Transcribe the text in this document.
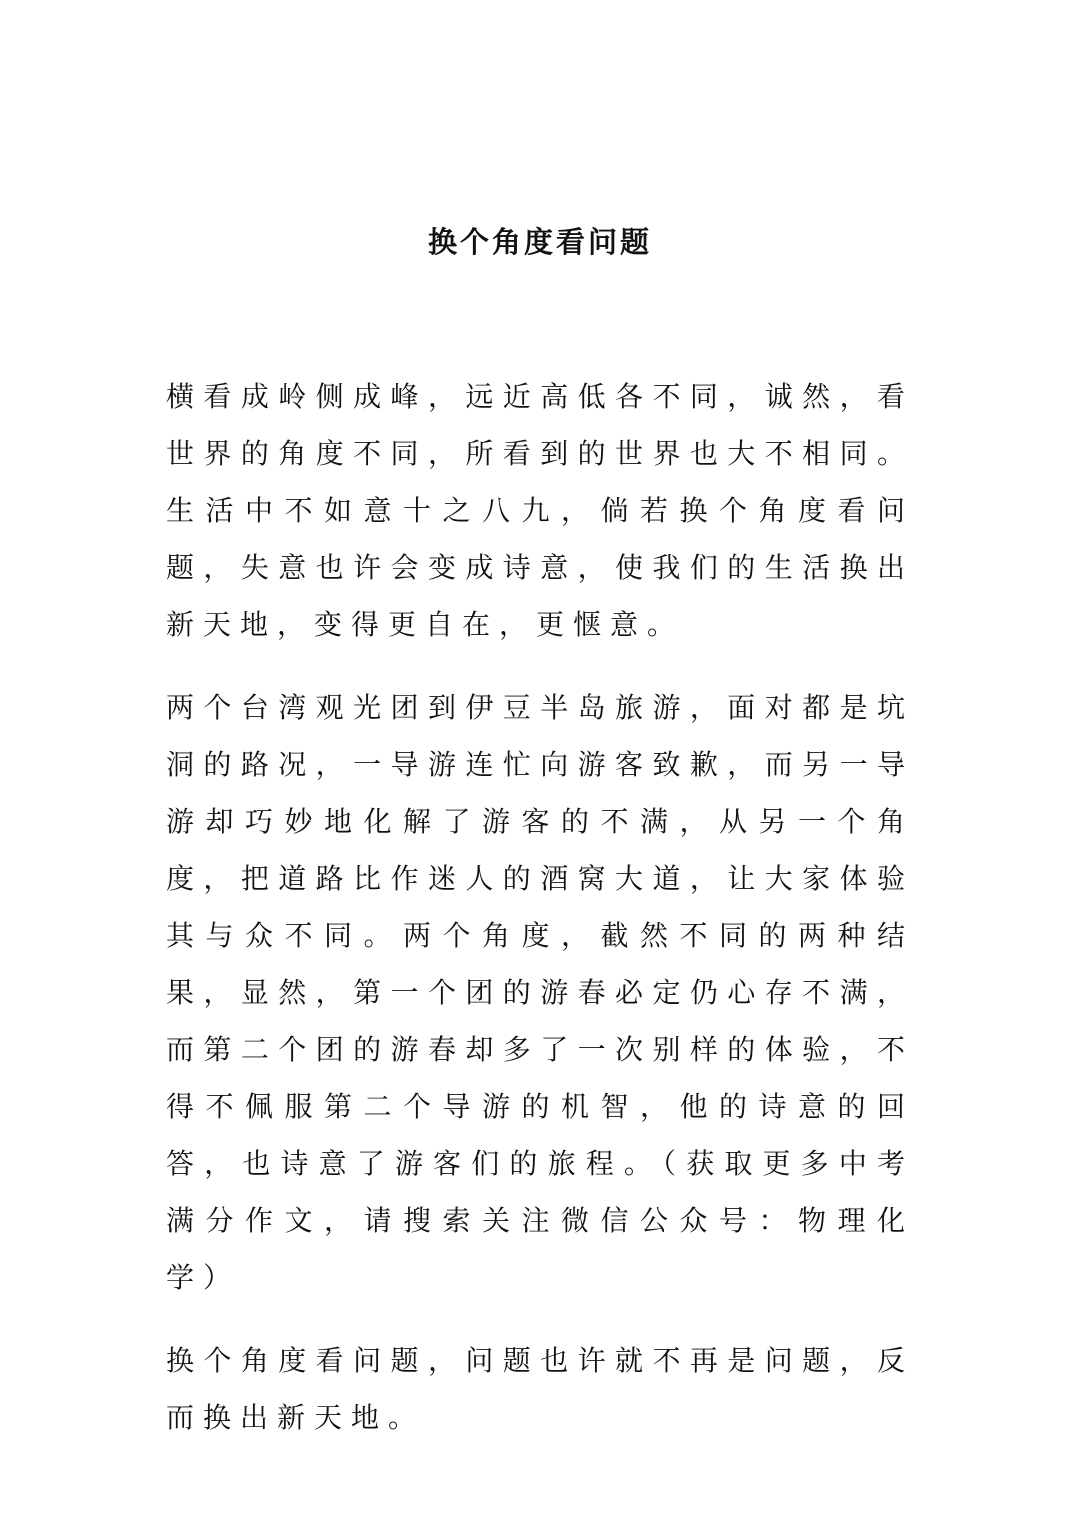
换个角度看问题

横看成岭侧成峰，远近高低各不同，诚然，看世界的角度不同，所看到的世界也大不相同。生活中不如意十之八九，倘若换个角度看问题，失意也许会变成诗意，使我们的生活换出新天地，变得更自在，更惬意。

两个台湾观光团到伊豆半岛旅游，面对都是坑洞的路况，一导游连忙向游客致歉，而另一导游却巧妙地化解了游客的不满，从另一个角度，把道路比作迷人的酒窝大道，让大家体验其与众不同。两个角度，截然不同的两种结果，显然，第一个团的游春必定仍心存不满，而第二个团的游春却多了一次别样的体验，不得不佩服第二个导游的机智，他的诗意的回答，也诗意了游客们的旅程。（获取更多中考满分作文，请搜索关注微信公众号：物理化学）

换个角度看问题，问题也许就不再是问题，反而换出新天地。
